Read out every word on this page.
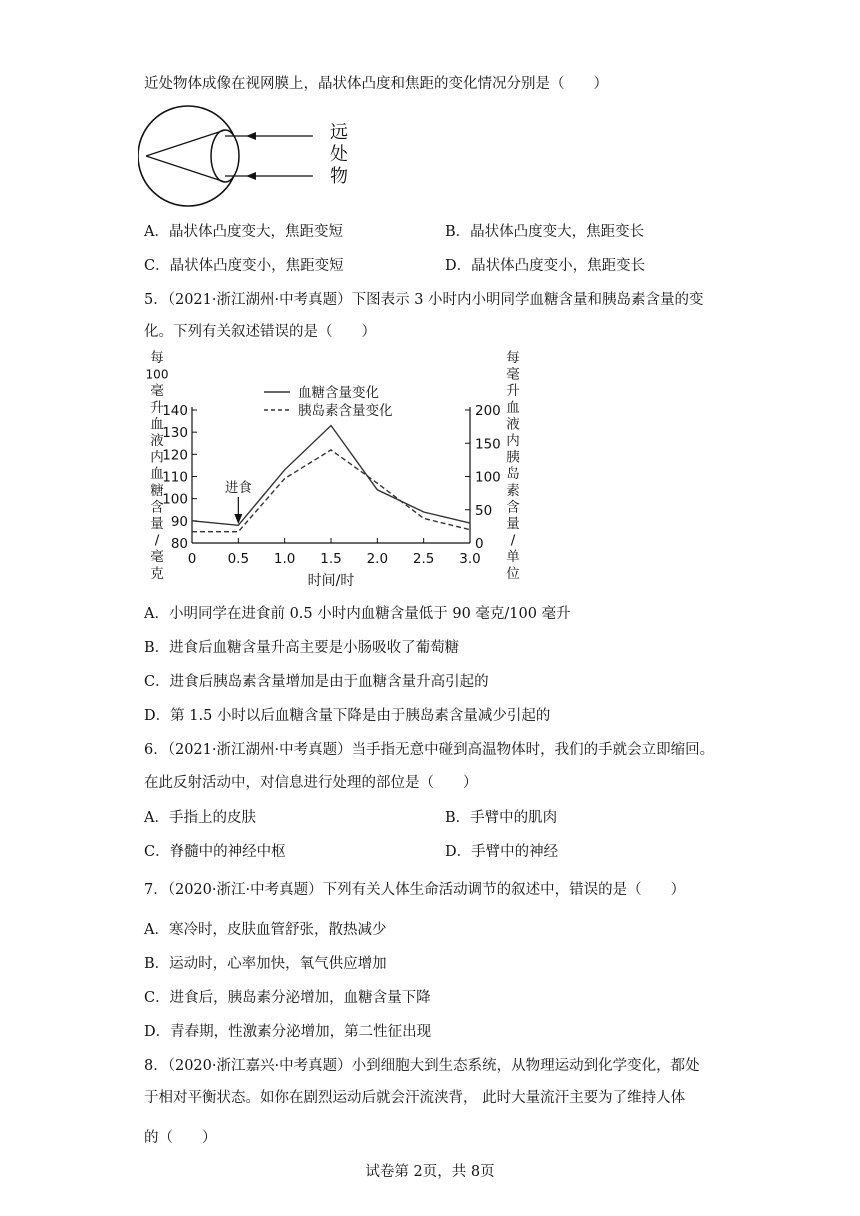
近处物体成像在视网膜上，晶状体凸度和焦距的变化情况分别是（　　）
远
处
物
A．晶状体凸度变大，焦距变短	B．晶状体凸度变大，焦距变长
C．晶状体凸度变小，焦距变短	D．晶状体凸度变小，焦距变长
5．（2021·浙江湖州·中考真题）下图表示 3 小时内小明同学血糖含量和胰岛素含量的变
化。下列有关叙述错误的是（　　）
每
100
毫
升
血
液
内
血
糖
含
量
/
毫
克
每
毫
升
血
液
内
胰
岛
素
含
量
/
单
位
80
90
100
110
120
130
140
0
50
100
150
200
0 0.5 1.0 1.5 2.0 2.5 3.0
血糖含量变化
胰岛素含量变化
进食
时间/时
A．小明同学在进食前 0.5 小时内血糖含量低于 90 毫克/100 毫升
B．进食后血糖含量升高主要是小肠吸收了葡萄糖
C．进食后胰岛素含量增加是由于血糖含量升高引起的
D．第 1.5 小时以后血糖含量下降是由于胰岛素含量减少引起的
6．（2021·浙江湖州·中考真题）当手指无意中碰到高温物体时，我们的手就会立即缩回。
在此反射活动中，对信息进行处理的部位是（　　）
A．手指上的皮肤	B．手臂中的肌肉
C．脊髓中的神经中枢	D．手臂中的神经
7．（2020·浙江·中考真题）下列有关人体生命活动调节的叙述中，错误的是（　　）
A．寒冷时，皮肤血管舒张，散热减少
B．运动时，心率加快，氧气供应增加
C．进食后，胰岛素分泌增加，血糖含量下降
D．青春期，性激素分泌增加，第二性征出现
8．（2020·浙江嘉兴·中考真题）小到细胞大到生态系统，从物理运动到化学变化，都处
于相对平衡状态。如你在剧烈运动后就会汗流浃背， 此时大量流汗主要为了维持人体
的（　　）
试卷第 2页，共 8页
